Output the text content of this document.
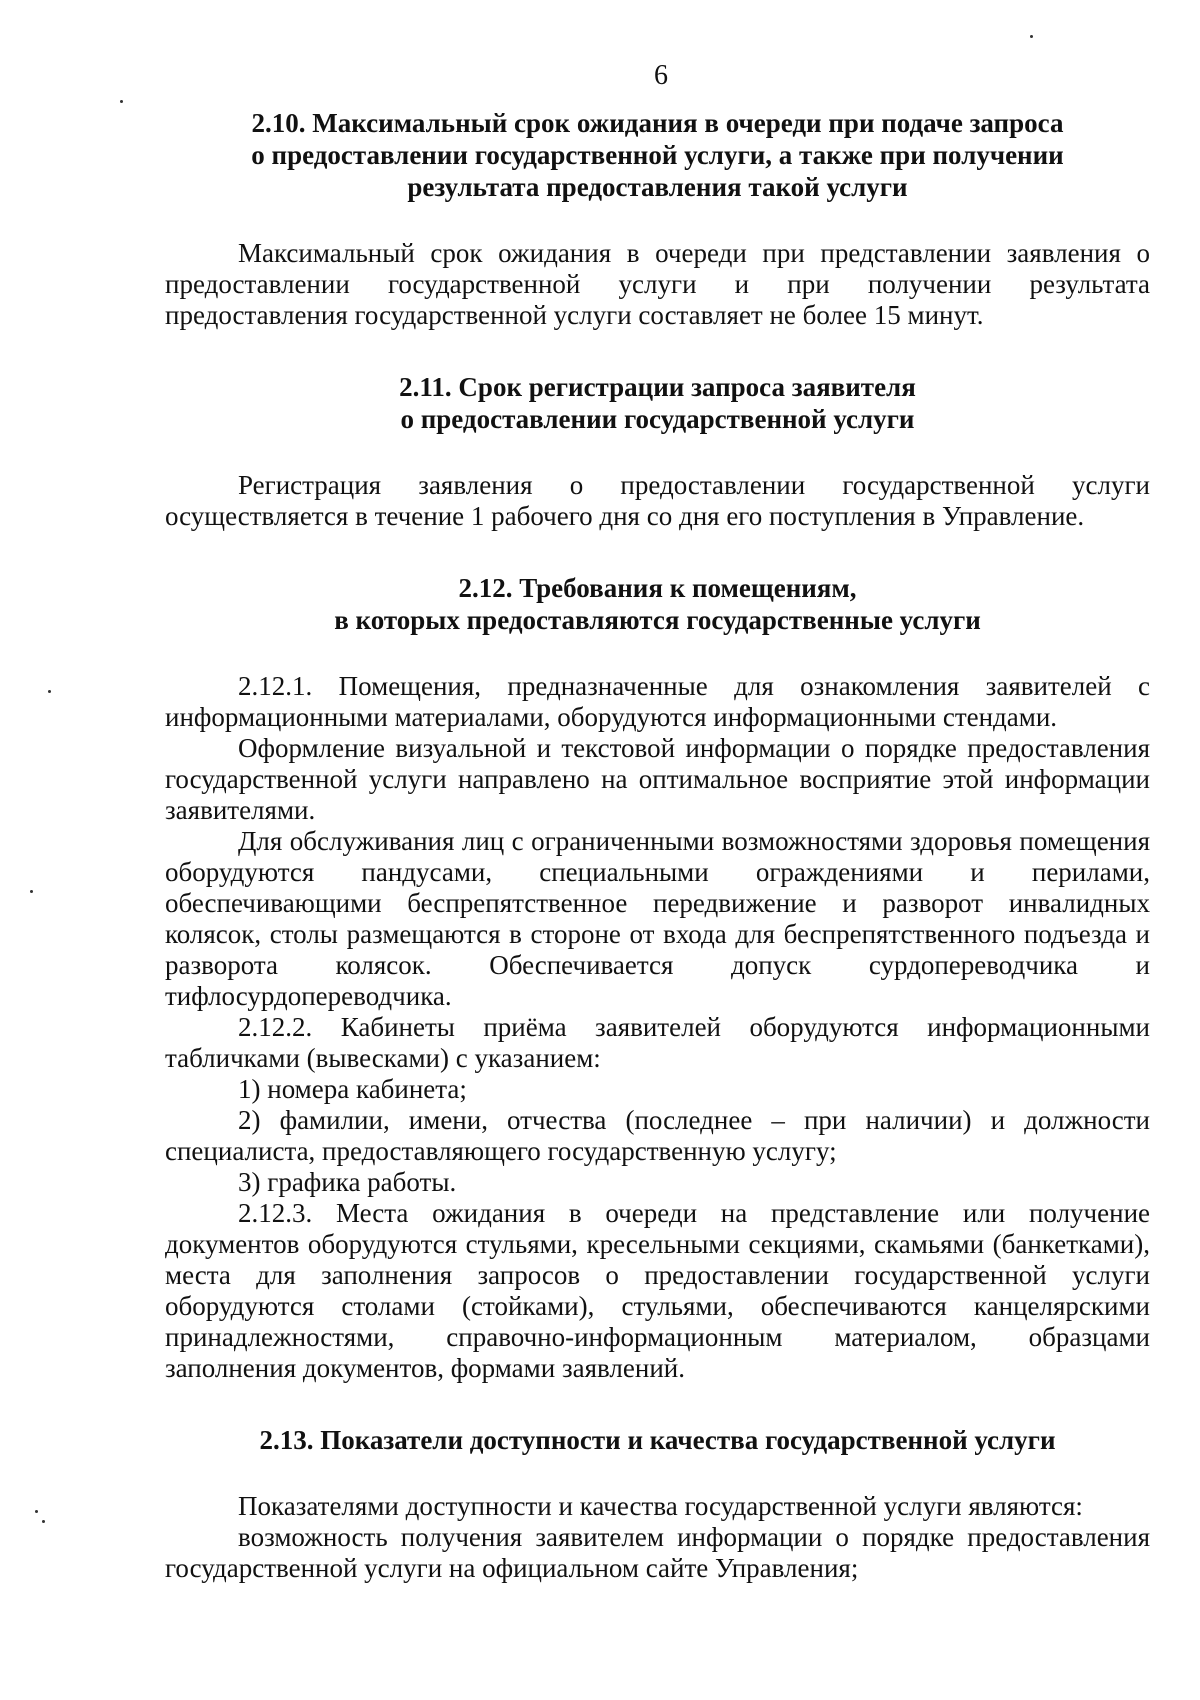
6
2.10. Максимальный срок ожидания в очереди при подаче запроса
о предоставлении государственной услуги, а также при получении
результата предоставления такой услуги

Максимальный срок ожидания в очереди при представлении заявления о предоставлении государственной услуги и при получении результата предоставления государственной услуги составляет не более 15 минут.

2.11. Срок регистрации запроса заявителя
о предоставлении государственной услуги

Регистрация заявления о предоставлении государственной услуги осуществляется в течение 1 рабочего дня со дня его поступления в Управление.

2.12. Требования к помещениям,
в которых предоставляются государственные услуги

2.12.1. Помещения, предназначенные для ознакомления заявителей с информационными материалами, оборудуются информационными стендами.

Оформление визуальной и текстовой информации о порядке предоставления государственной услуги направлено на оптимальное восприятие этой информации заявителями.

Для обслуживания лиц с ограниченными возможностями здоровья помещения оборудуются пандусами, специальными ограждениями и перилами, обеспечивающими беспрепятственное передвижение и разворот инвалидных колясок, столы размещаются в стороне от входа для беспрепятственного подъезда и разворота колясок. Обеспечивается допуск сурдопереводчика и тифлосурдопереводчика.

2.12.2. Кабинеты приёма заявителей оборудуются информационными табличками (вывесками) с указанием:

1) номера кабинета;

2) фамилии, имени, отчества (последнее – при наличии) и должности специалиста, предоставляющего государственную услугу;

3) графика работы.

2.12.3. Места ожидания в очереди на представление или получение документов оборудуются стульями, кресельными секциями, скамьями (банкетками), места для заполнения запросов о предоставлении государственной услуги оборудуются столами (стойками), стульями, обеспечиваются канцелярскими принадлежностями, справочно-информационным материалом, образцами заполнения документов, формами заявлений.

2.13. Показатели доступности и качества государственной услуги

Показателями доступности и качества государственной услуги являются:

возможность получения заявителем информации о порядке предоставления государственной услуги на официальном сайте Управления;
